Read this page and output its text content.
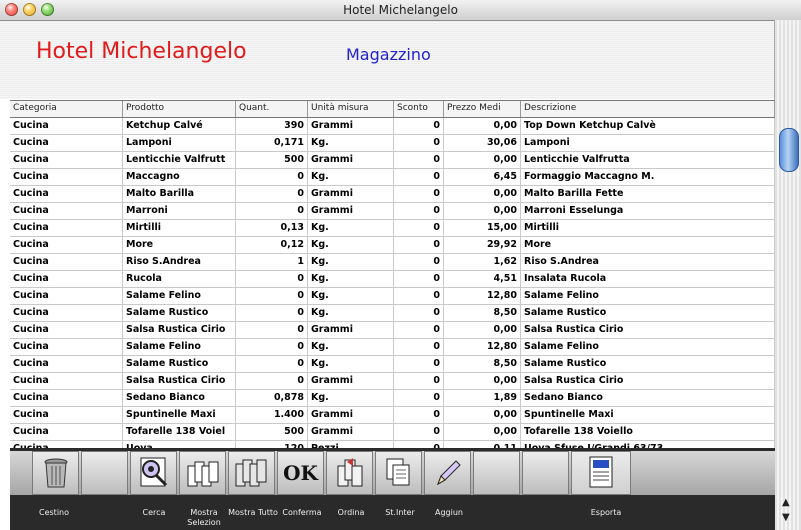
Hotel Michelangelo
Hotel Michelangelo	Magazzino
▲
▼
Categoria	Prodotto	Quant.	Unità misura	Sconto	Prezzo Medi	Descrizione
Cucina	Ketchup Calvé	390 Grammi	0	0,00 Top Down Ketchup Calvè
Cucina	Lamponi	0,171 Kg.	0	30,06 Lamponi
Cucina	Lenticchie Valfrutt	500 Grammi	0	0,00 Lenticchie Valfrutta
Cucina	Maccagno	0 Kg.	0	6,45 Formaggio Maccagno M.
Cucina	Malto Barilla	0 Grammi	0	0,00 Malto Barilla Fette
Cucina	Marroni	0 Grammi	0	0,00 Marroni Esselunga
Cucina	Mirtilli	0,13 Kg.	0	15,00 Mirtilli
Cucina	More	0,12 Kg.	0	29,92 More
Cucina	Riso S.Andrea	1 Kg.	0	1,62 Riso S.Andrea
Cucina	Rucola	0 Kg.	0	4,51 Insalata Rucola
Cucina	Salame Felino	0 Kg.	0	12,80 Salame Felino
Cucina	Salame Rustico	0 Kg.	0	8,50 Salame Rustico
Cucina	Salsa Rustica Cirio	0 Grammi	0	0,00 Salsa Rustica Cirio
Cucina	Salame Felino	0 Kg.	0	12,80 Salame Felino
Cucina	Salame Rustico	0 Kg.	0	8,50 Salame Rustico
Cucina	Salsa Rustica Cirio	0 Grammi	0	0,00 Salsa Rustica Cirio
Cucina	Sedano Bianco	0,878 Kg.	0	1,89 Sedano Bianco
Cucina	Spuntinelle Maxi	1.400 Grammi	0	0,00 Spuntinelle Maxi
Cucina	Tofarelle 138 Voiel	500 Grammi	0	0,00 Tofarelle 138 Voiello
OK
Cestino	Cerca	Mostra Selezion
Mostra Tutto Conferma	Ordina	St.Inter	Aggiun	Esporta
